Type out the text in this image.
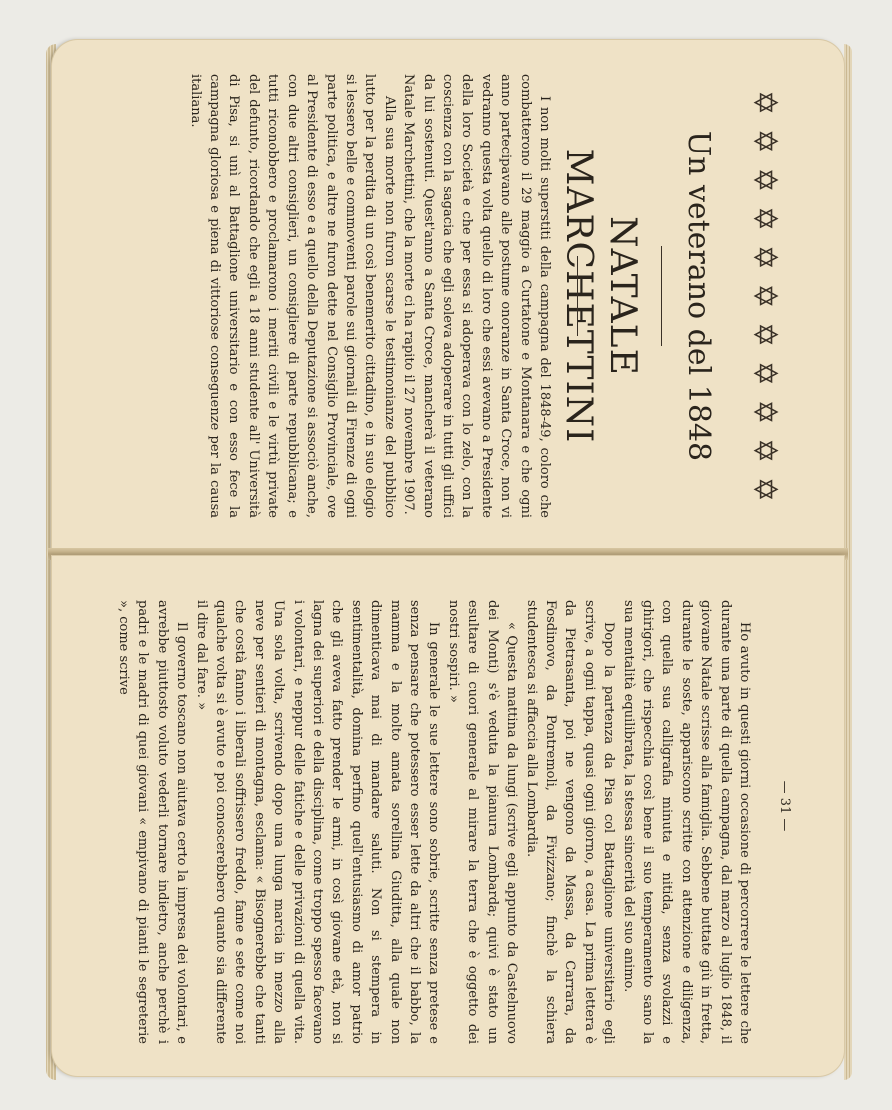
✡
✡
✡
✡
✡
✡
✡
✡
✡
✡
✡
Un veterano del 1848
NATALE MARCHETTINI

I non molti superstiti della campagna del 1848-49, coloro che combatterono il 29 maggio a Curtatone e Montanara e che ogni anno partecipavano alle postume onoranze in Santa Croce, non vi vedranno questa volta quello di loro che essi avevano a Presidente della loro Società e che per essa si adoperava con lo zelo, con la coscienza con la sagacia che egli soleva adoperare in tutti gli uffici da lui sostenuti. Quest'anno a Santa Croce, mancherà il veterano Natale Marchettini, che la morte ci ha rapito il 27 novembre 1907.

Alla sua morte non furon scarse le testimonianze del pubblico lutto per la perdita di un così benemerito cittadino, e in suo elogio si lessero belle e commoventi parole sui giornali di Firenze di ogni parte politica, e altre ne furon dette nel Consiglio Provinciale, ove al Presidente di esso e a quello della Deputazione si associò anche, con due altri consiglieri, un consigliere di parte repubblicana; e tutti riconobbero e proclamarono i meriti civili e le virtù private del defunto, ricordando che egli a 18 anni studente all' Università di Pisa, si unì al Battaglione universitario e con esso fece la campagna gloriosa e piena di vittoriose conseguenze per la causa italiana.

— 31 —

Ho avuto in questi giorni occasione di percorrere le lettere che durante una parte di quella campagna, dal marzo al luglio 1848, il giovane Natale scrisse alla famiglia. Sebbene buttate giù in fretta, durante le soste, appariscono scritte con attenzione e diligenza, con quella sua calligrafia minuta e nitida, senza svolazzi e ghirigori, che rispecchia così bene il suo temperamento sano la sua mentalità equilibrata, la stessa sincerità del suo animo.

Dopo la partenza da Pisa col Battaglione universitario egli scrive, a ogni tappa, quasi ogni giorno, a casa. La prima lettera è da Pietrasanta, poi ne vengono da Massa, da Carrara, da Fosdinovo, da Pontremoli, da Fivizzano; finchè la schiera studentesca si affaccia alla Lombardia.

« Questa mattina da lungi (scrive egli appunto da Castelnuovo dei Monti) s'è veduta la pianura Lombarda; quivi è stato un esultare di cuori generale al mirare la terra che è oggetto dei nostri sospiri. »

In generale le sue lettere sono sobrie, scritte senza pretese e senza pensare che potessero esser lette da altri che il babbo, la mamma e la molto amata sorellina Giuditta, alla quale non dimenticava mai di mandare saluti. Non si stempera in sentimentalità, domina perfino quell'entusiasmo di amor patrio che gli aveva fatto prender le armi, in così giovane età, non si lagna dei superiori e della disciplina, come troppo spesso facevano i volontari, e neppur delle fatiche e delle privazioni di quella vita. Una sola volta, scrivendo dopo una lunga marcia in mezzo alla neve per sentieri di montagna, esclama: « Bisognerebbe che tanti che costà fanno i liberali soffrissero freddo, fame e sete come noi qualche volta si è avuto e poi conoscerebbero quanto sia differente il dire dal fare. »

Il governo toscano non aiutava certo la impresa dei volontari, e avrebbe piuttosto voluto vederli tornare indietro, anche perchè i padri e le madri di quei giovani « empivano di pianti le segreterie », come scrive
